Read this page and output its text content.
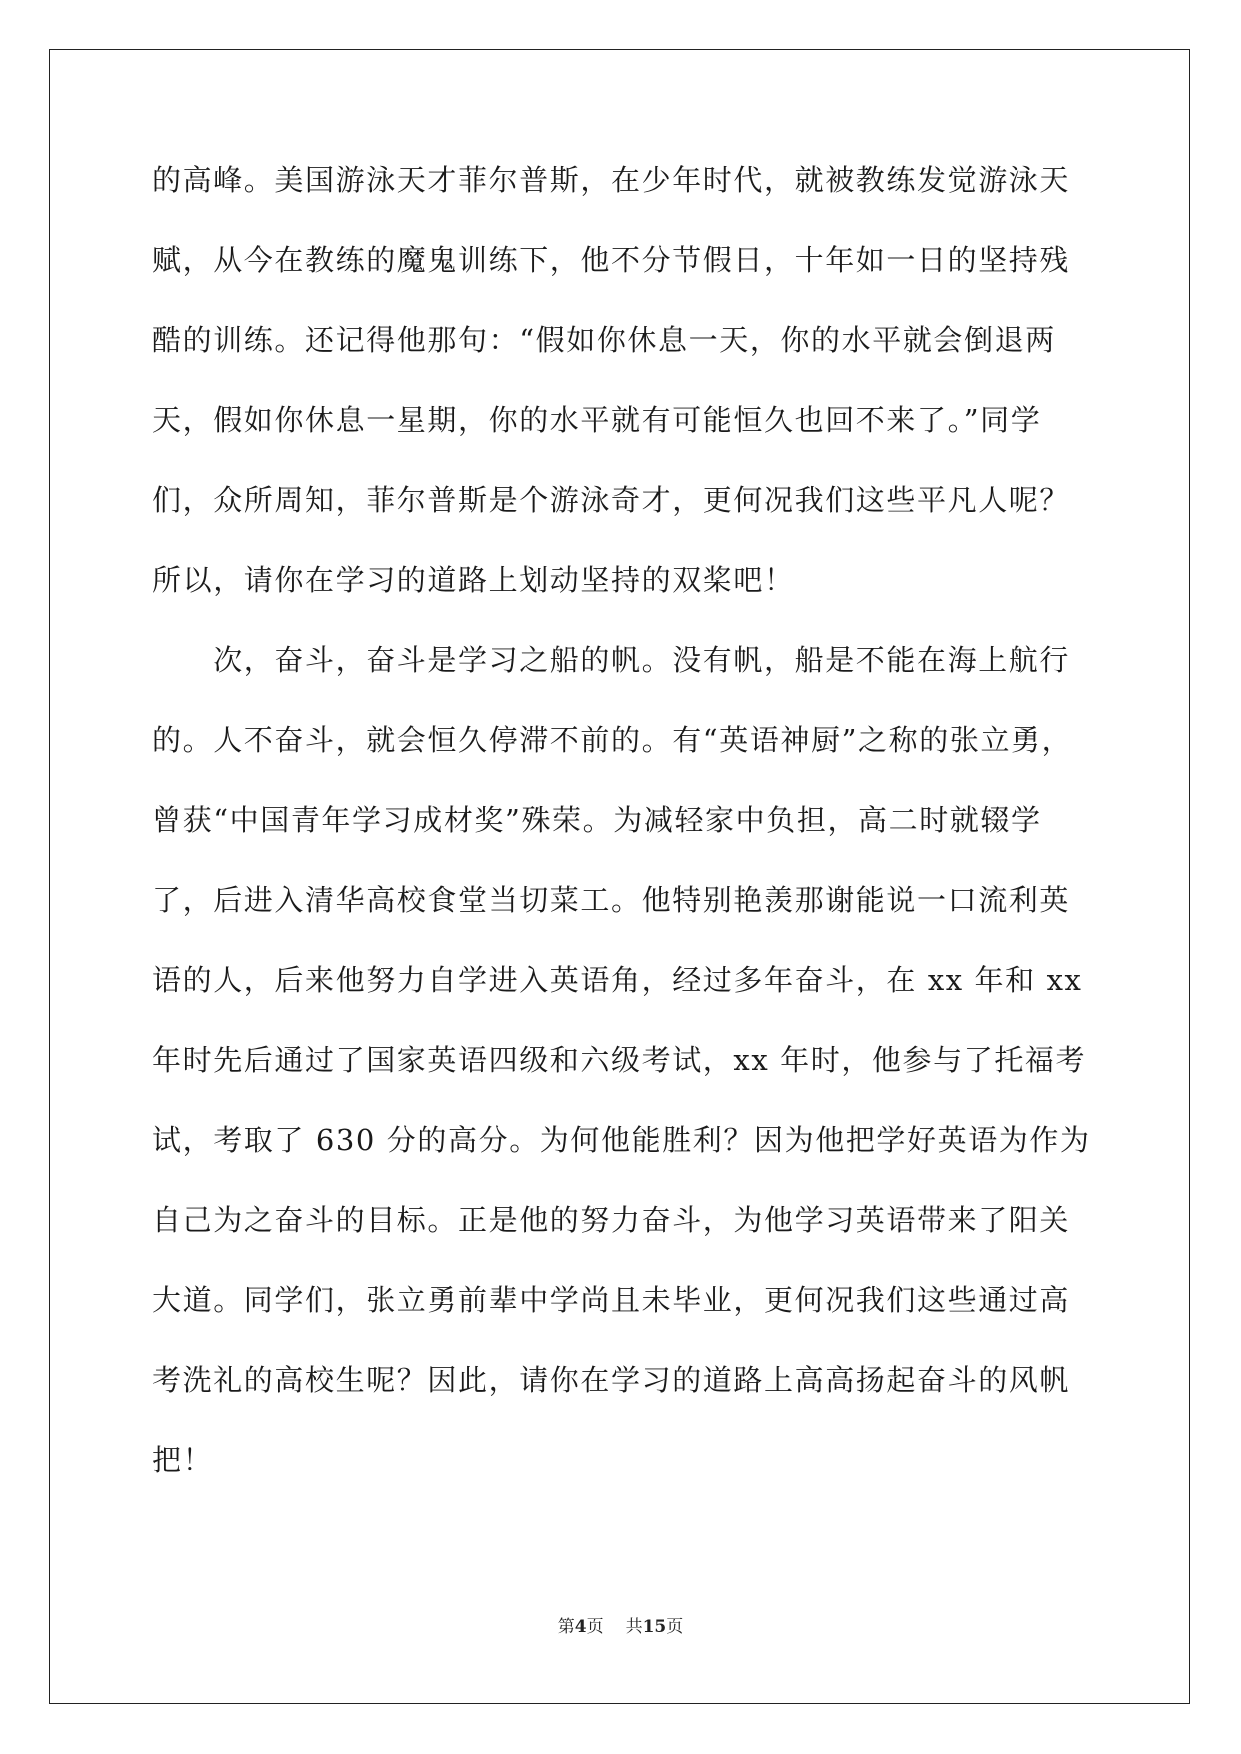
的高峰。美国游泳天才菲尔普斯，在少年时代，就被教练发觉游泳天
赋，从今在教练的魔鬼训练下，他不分节假日，十年如一日的坚持残
酷的训练。还记得他那句：“假如你休息一天，你的水平就会倒退两
天，假如你休息一星期，你的水平就有可能恒久也回不来了。”同学
们，众所周知，菲尔普斯是个游泳奇才，更何况我们这些平凡人呢？
所以，请你在学习的道路上划动坚持的双桨吧！
　　次，奋斗，奋斗是学习之船的帆。没有帆，船是不能在海上航行
的。人不奋斗，就会恒久停滞不前的。有“英语神厨”之称的张立勇，
曾获“中国青年学习成材奖”殊荣。为减轻家中负担，高二时就辍学
了，后进入清华高校食堂当切菜工。他特别艳羡那谢能说一口流利英
语的人，后来他努力自学进入英语角，经过多年奋斗，在 xx 年和 xx
年时先后通过了国家英语四级和六级考试，xx 年时，他参与了托福考
试，考取了 630 分的高分。为何他能胜利？因为他把学好英语为作为
自己为之奋斗的目标。正是他的努力奋斗，为他学习英语带来了阳关
大道。同学们，张立勇前辈中学尚且未毕业，更何况我们这些通过高
考洗礼的高校生呢？因此，请你在学习的道路上高高扬起奋斗的风帆
把！
第4页 共15页
